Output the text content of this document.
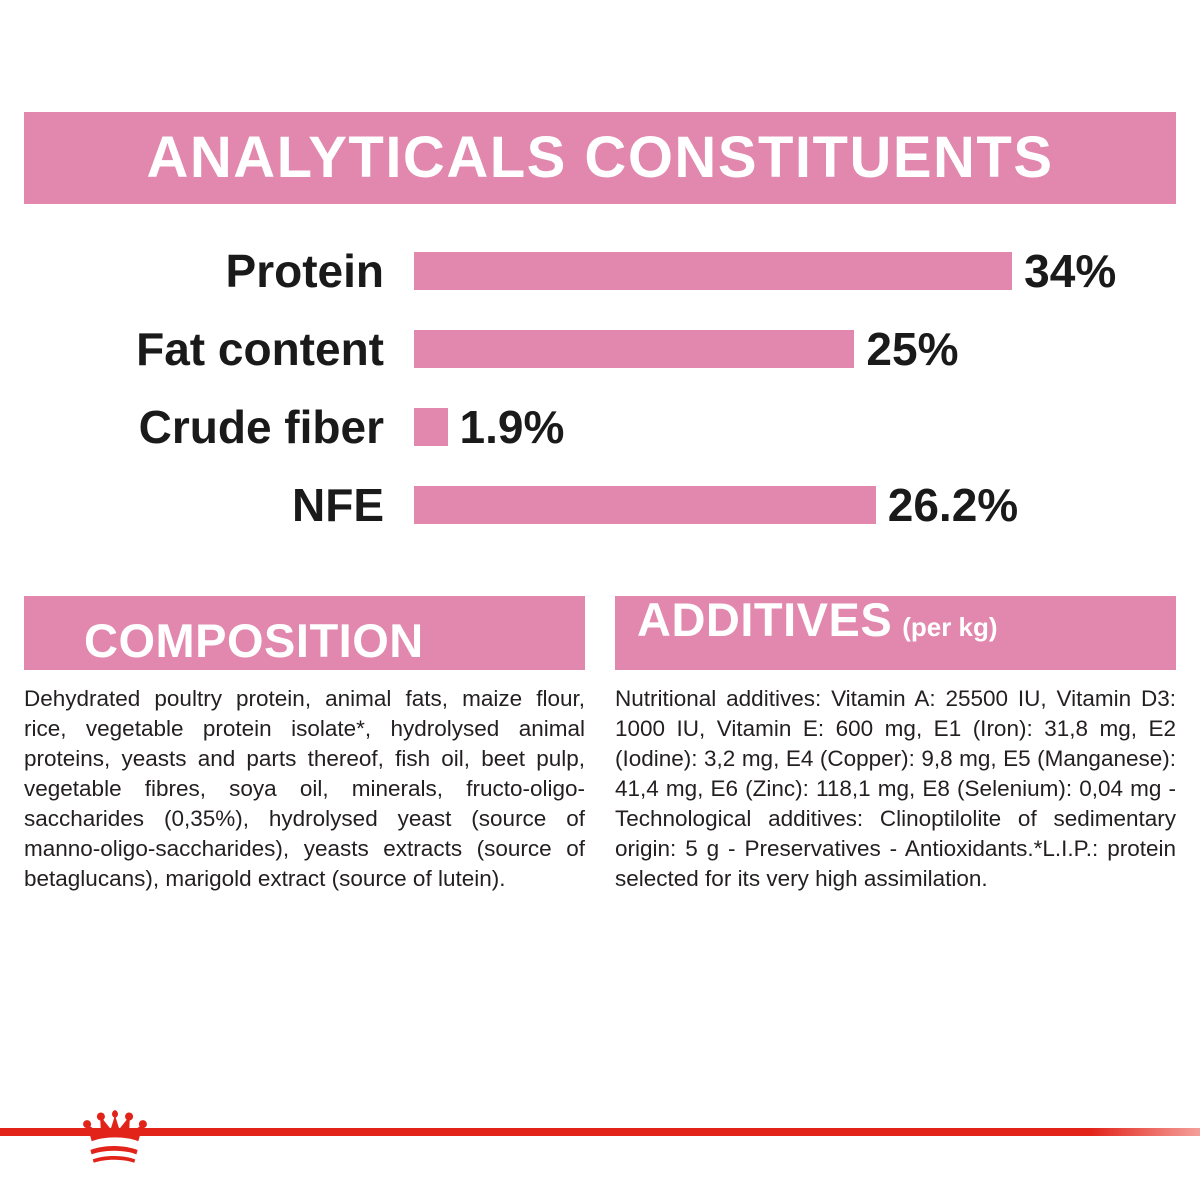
ANALYTICALS CONSTITUENTS
Protein	34%
Fat content	25%
Crude fiber	1.9%
NFE	26.2%
COMPOSITION
Dehydrated poultry protein, animal fats, maize flour, rice, vegetable protein isolate*, hydrolysed animal proteins, yeasts and parts thereof, fish oil, beet pulp, vegetable fibres, soya oil, minerals, fructo-oligo-saccharides (0,35%), hydrolysed yeast (source of manno-oligo-saccharides), yeasts extracts (source of betaglucans), marigold extract (source of lutein).
ADDITIVES (per kg)
Nutritional additives: Vitamin A: 25500 IU, Vitamin D3: 1000 IU, Vitamin E: 600 mg, E1 (Iron): 31,8 mg, E2 (Iodine): 3,2 mg, E4 (Copper): 9,8 mg, E5 (Manganese): 41,4 mg, E6 (Zinc): 118,1 mg, E8 (Selenium): 0,04 mg - Technological additives: Clinoptilolite of sedimentary origin: 5 g - Preservatives - Antioxidants.*L.I.P.: protein selected for its very high assimilation.
